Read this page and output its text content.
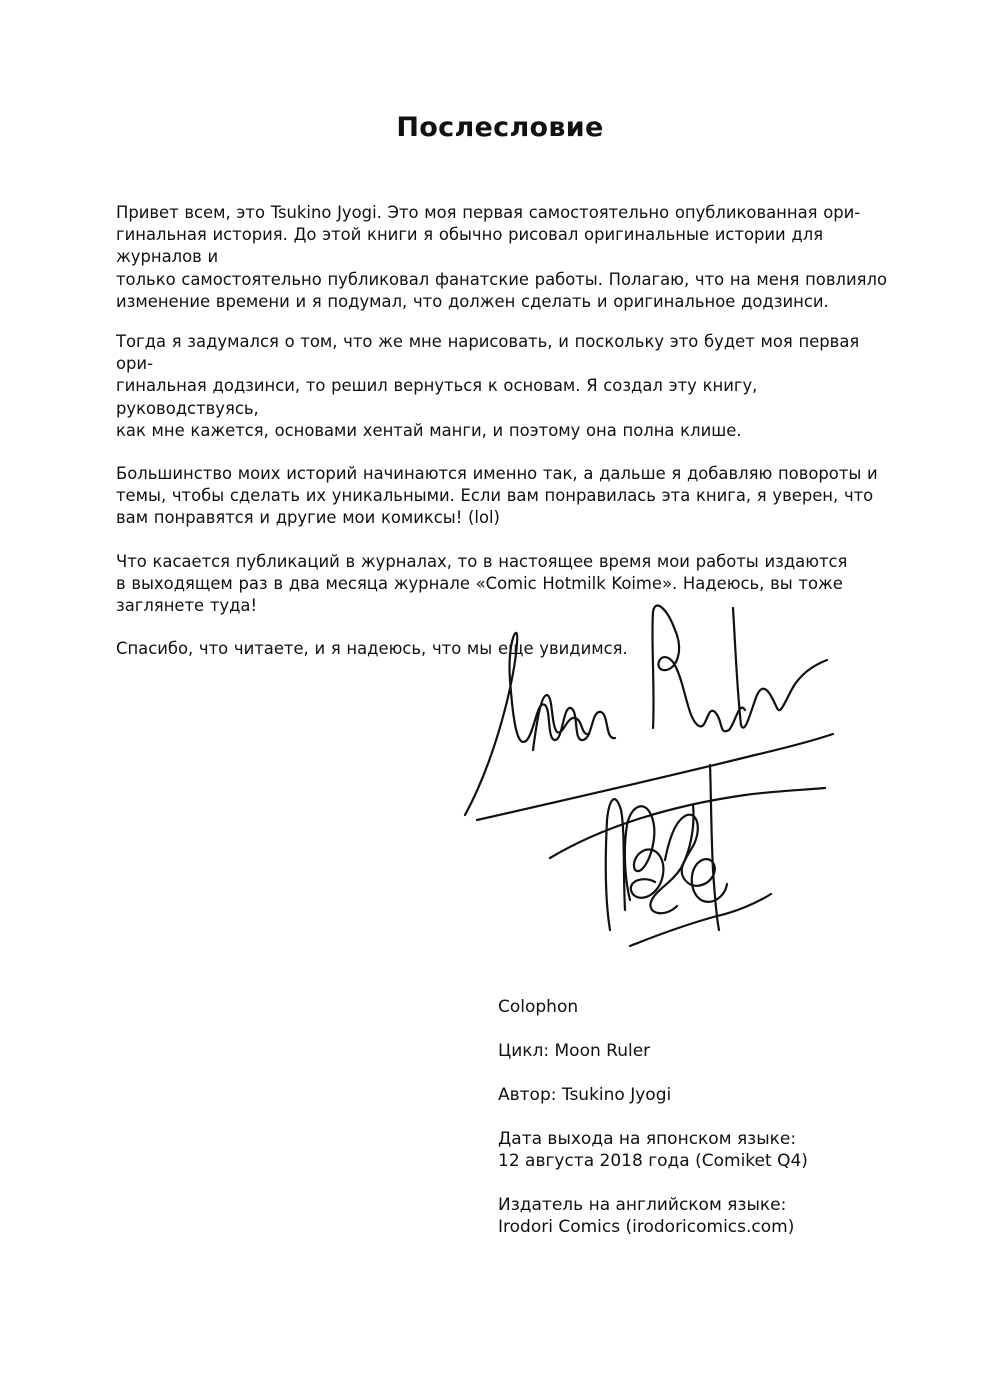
Послесловие

Привет всем, это Tsukino Jyogi. Это моя первая самостоятельно опубликованная ори-
гинальная история. До этой книги я обычно рисовал оригинальные истории для журналов и
только самостоятельно публиковал фанатские работы. Полагаю, что на меня повлияло
изменение времени и я подумал, что должен сделать и оригинальное додзинси.

Тогда я задумался о том, что же мне нарисовать, и поскольку это будет моя первая ори-
гинальная додзинси, то решил вернуться к основам. Я создал эту книгу, руководствуясь,
как мне кажется, основами хентай манги, и поэтому она полна клише.

Большинство моих историй начинаются именно так, а дальше я добавляю повороты и
темы, чтобы сделать их уникальными. Если вам понравилась эта книга, я уверен, что
вам понравятся и другие мои комиксы! (lol)

Что касается публикаций в журналах, то в настоящее время мои работы издаются
в выходящем раз в два месяца журнале «Comic Hotmilk Koime». Надеюсь, вы тоже
заглянете туда!

Спасибо, что читаете, и я надеюсь, что мы еще увидимся.

Colophon

Цикл: Moon Ruler

Автор: Tsukino Jyogi

Дата выхода на японском языке:
12 августа 2018 года (Comiket Q4)

Издатель на английском языке:
Irodori Comics (irodoricomics.com)
